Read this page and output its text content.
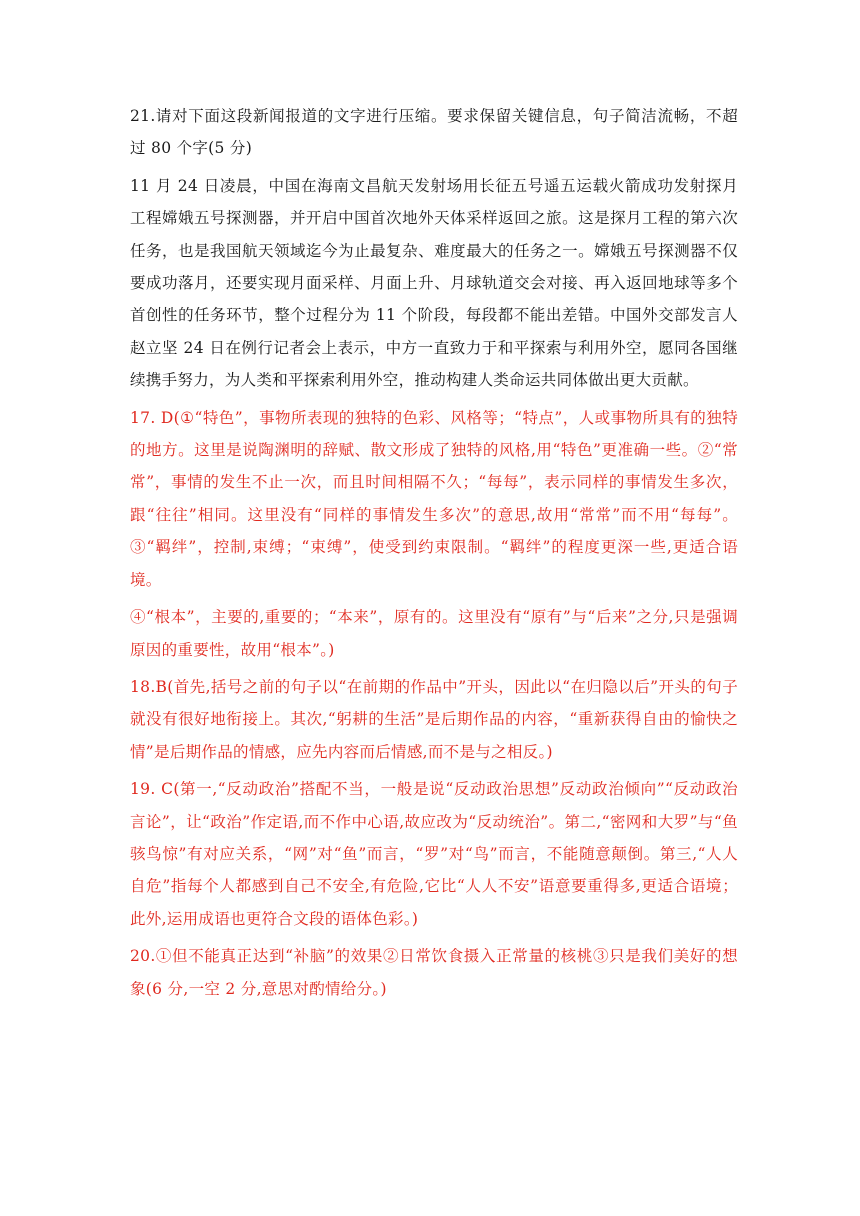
21.请对下面这段新闻报道的文字进行压缩。要求保留关键信息，句子简洁流畅，不超过 80 个字(5 分)

11 月 24 日凌晨，中国在海南文昌航天发射场用长征五号遥五运载火箭成功发射探月工程嫦娥五号探测器，并开启中国首次地外天体采样返回之旅。这是探月工程的第六次任务，也是我国航天领域迄今为止最复杂、难度最大的任务之一。嫦娥五号探测器不仅要成功落月，还要实现月面采样、月面上升、月球轨道交会对接、再入返回地球等多个首创性的任务环节，整个过程分为 11 个阶段，每段都不能出差错。中国外交部发言人赵立坚 24 日在例行记者会上表示，中方一直致力于和平探索与利用外空，愿同各国继续携手努力，为人类和平探索利用外空，推动构建人类命运共同体做出更大贡献。

17. D(①“特色”，事物所表现的独特的色彩、风格等；“特点”，人或事物所具有的独特的地方。这里是说陶渊明的辞赋、散文形成了独特的风格,用“特色”更准确一些。②“常常”，事情的发生不止一次，而且时间相隔不久；“每每”，表示同样的事情发生多次，跟“往往”相同。这里没有“同样的事情发生多次”的意思,故用“常常”而不用“每每”。③“羁绊”，控制,束缚；“束缚”，使受到约束限制。“羁绊”的程度更深一些,更适合语境。

④“根本”，主要的,重要的；“本来”，原有的。这里没有“原有”与“后来”之分,只是强调原因的重要性，故用“根本”。)

18.B(首先,括号之前的句子以“在前期的作品中”开头，因此以“在归隐以后”开头的句子就没有很好地衔接上。其次,“躬耕的生活”是后期作品的内容，“重新获得自由的愉快之情”是后期作品的情感，应先内容而后情感,而不是与之相反。)

19. C(第一,“反动政治”搭配不当，一般是说“反动政治思想”反动政治倾向”“反动政治言论”，让“政治”作定语,而不作中心语,故应改为“反动统治”。第二,“密网和大罗”与“鱼骇鸟惊”有对应关系，“网”对“鱼”而言，“罗”对“鸟”而言，不能随意颠倒。第三,“人人自危”指每个人都感到自己不安全,有危险,它比“人人不安”语意要重得多,更适合语境；此外,运用成语也更符合文段的语体色彩。)

20.①但不能真正达到“补脑”的效果②日常饮食摄入正常量的核桃③只是我们美好的想象(6 分,一空 2 分,意思对酌情给分。)
